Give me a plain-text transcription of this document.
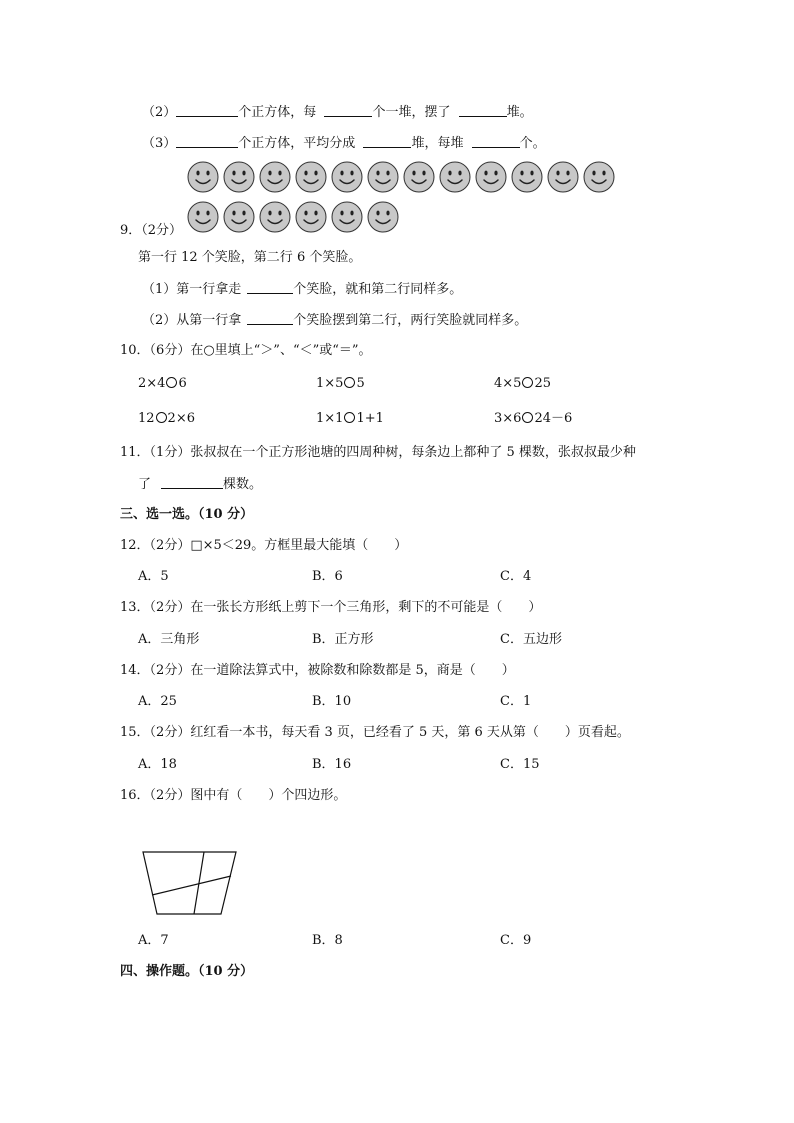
（2）	个正方体，每	个一堆，摆了	堆。
（3）	个正方体，平均分成	堆，每堆	个。
9．（2分）
第一行 12 个笑脸，第二行 6 个笑脸。
（1）第一行拿走	个笑脸，就和第二行同样多。
（2）从第一行拿	个笑脸摆到第二行，两行笑脸就同样多。
10．（6分）在○里填上“＞”、“＜”或“＝”。
2×4 6	1×5 5	4×5 25
12 2×6	1×1 1+1	3×6 24－6
11．（1分）张叔叔在一个正方形池塘的四周种树，每条边上都种了 5 棵数，张叔叔最少种
了	棵数。
三、选一选。（10 分）
12．（2分）□×5＜29。方框里最大能填（　　）
A．5	B．6	C．4
13．（2分）在一张长方形纸上剪下一个三角形，剩下的不可能是（　　）
A．三角形	B．正方形	C．五边形
14．（2分）在一道除法算式中，被除数和除数都是 5，商是（　　）
A．25	B．10	C．1
15．（2分）红红看一本书，每天看 3 页，已经看了 5 天，第 6 天从第（　　）页看起。
A．18	B．16	C．15
16．（2分）图中有（　　）个四边形。
A．7	B．8	C．9
四、操作题。（10 分）
